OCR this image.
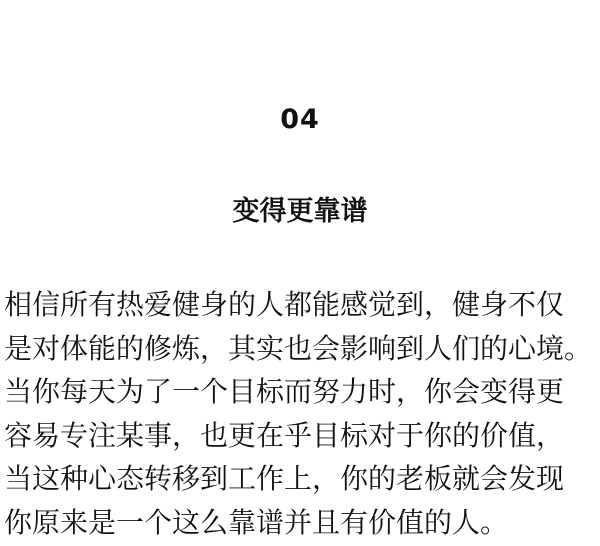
04
变得更靠谱
相信所有热爱健身的人都能感觉到，健身不仅
是对体能的修炼，其实也会影响到人们的心境。
当你每天为了一个目标而努力时，你会变得更
容易专注某事，也更在乎目标对于你的价值，
当这种心态转移到工作上，你的老板就会发现
你原来是一个这么靠谱并且有价值的人。
